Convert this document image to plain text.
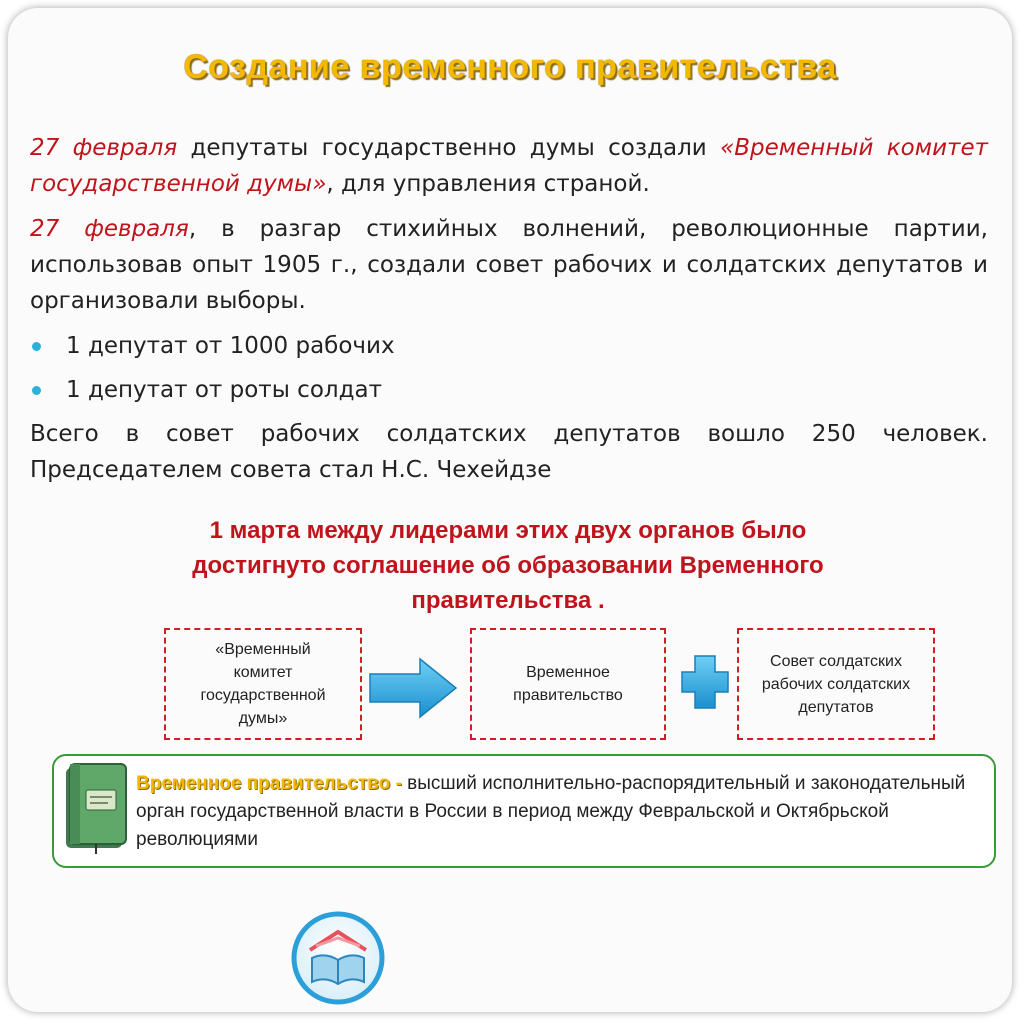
Создание временного правительства

27 февраля депутаты государственно думы создали «Временный комитет государственной думы», для управления страной.

27 февраля, в разгар стихийных волнений, революционные партии, использовав опыт 1905 г., создали совет рабочих и солдатских депутатов и организовали выборы.

1 депутат от 1000 рабочих
1 депутат от роты солдат

Всего в совет рабочих солдатских депутатов вошло 250 человек. Председателем совета стал Н.С. Чехейдзе

1 марта между лидерами этих двух органов было
достигнуто соглашение об образовании Временного
правительства .
«Временный
комитет
государственной
думы»
Временное
правительство
Совет солдатских
рабочих солдатских
депутатов
Временное правительство - высший исполнительно-распорядительный и законодательный орган государственной власти в России в период между Февральской и Октябрьской революциями
